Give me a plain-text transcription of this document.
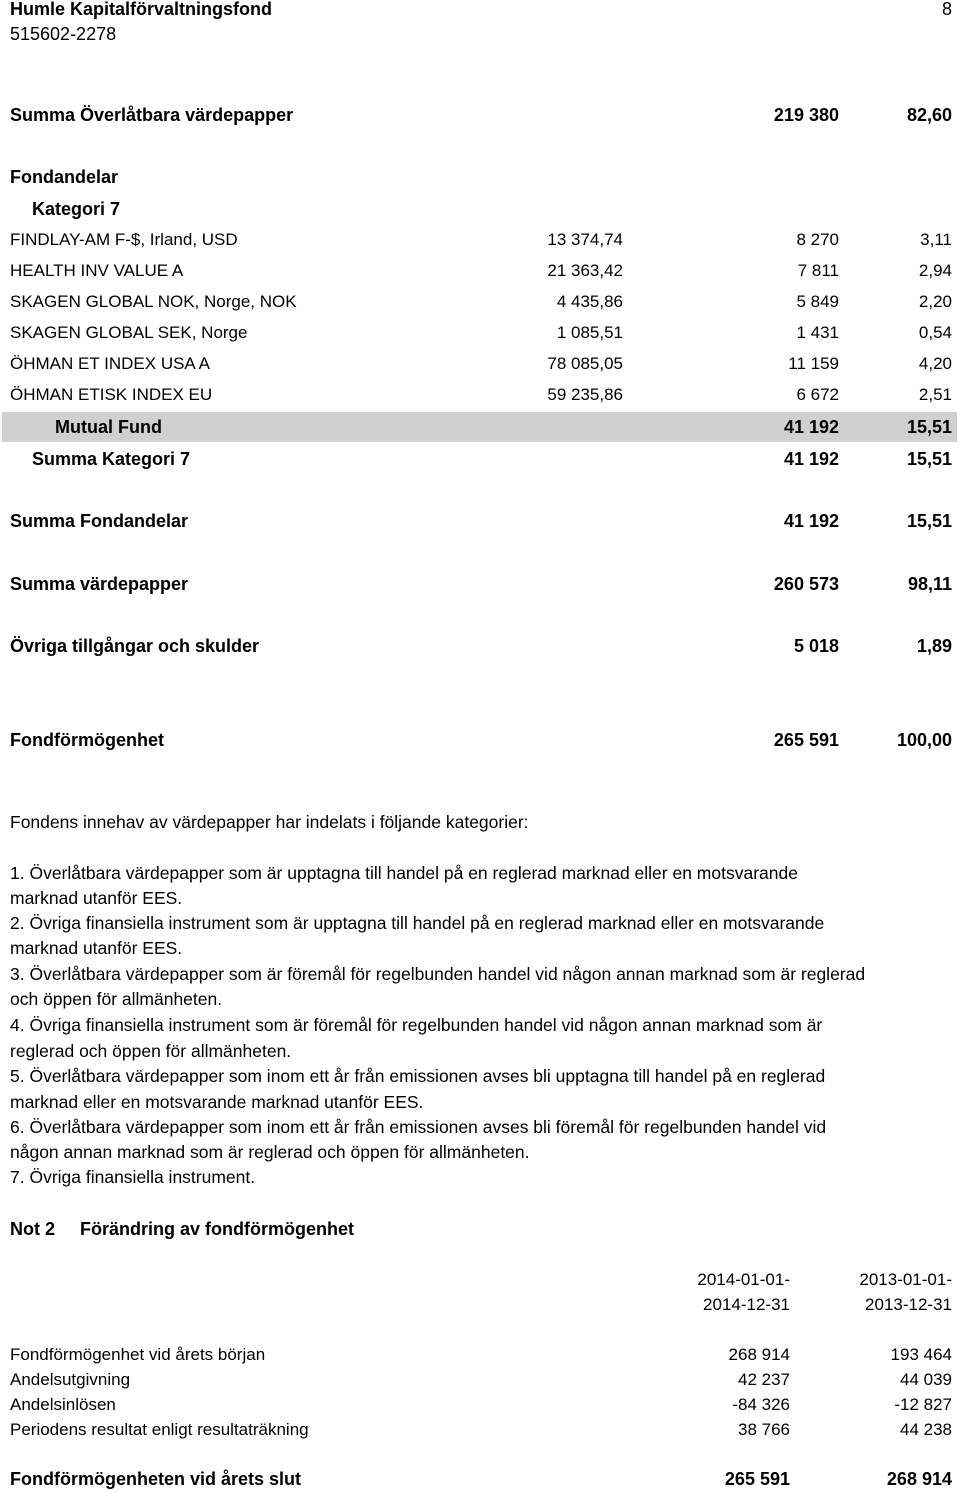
Humle Kapitalförvaltningsfond
515602-2278
8
Summa Överlåtbara värdepapper	219 380	82,60
Fondandelar
Kategori 7
FINDLAY-AM F-$, Irland, USD	13 374,74	8 270	3,11
HEALTH INV VALUE A	21 363,42	7 811	2,94
SKAGEN GLOBAL NOK, Norge, NOK	4 435,86	5 849	2,20
SKAGEN GLOBAL SEK, Norge	1 085,51	1 431	0,54
ÖHMAN ET INDEX USA A	78 085,05	11 159	4,20
ÖHMAN ETISK INDEX EU	59 235,86	6 672	2,51
Mutual Fund	41 192	15,51
Summa Kategori 7	41 192	15,51
Summa Fondandelar	41 192	15,51
Summa värdepapper	260 573	98,11
Övriga tillgångar och skulder	5 018	1,89
Fondförmögenhet	265 591	100,00
Fondens innehav av värdepapper har indelats i följande kategorier:
1. Överlåtbara värdepapper som är upptagna till handel på en reglerad marknad eller en motsvarande
marknad utanför EES.
2. Övriga finansiella instrument som är upptagna till handel på en reglerad marknad eller en motsvarande
marknad utanför EES.
3. Överlåtbara värdepapper som är föremål för regelbunden handel vid någon annan marknad som är reglerad
och öppen för allmänheten.
4. Övriga finansiella instrument som är föremål för regelbunden handel vid någon annan marknad som är
reglerad och öppen för allmänheten.
5. Överlåtbara värdepapper som inom ett år från emissionen avses bli upptagna till handel på en reglerad
marknad eller en motsvarande marknad utanför EES.
6. Överlåtbara värdepapper som inom ett år från emissionen avses bli föremål för regelbunden handel vid
någon annan marknad som är reglerad och öppen för allmänheten.
7. Övriga finansiella instrument.
Not 2 Förändring av fondförmögenhet
2014-01-01-
2014-12-31
2013-01-01-
2013-12-31
Fondförmögenhet vid årets början	268 914	193 464
Andelsutgivning	42 237	44 039
Andelsinlösen	-84 326	-12 827
Periodens resultat enligt resultaträkning	38 766	44 238
Fondförmögenheten vid årets slut	265 591	268 914
